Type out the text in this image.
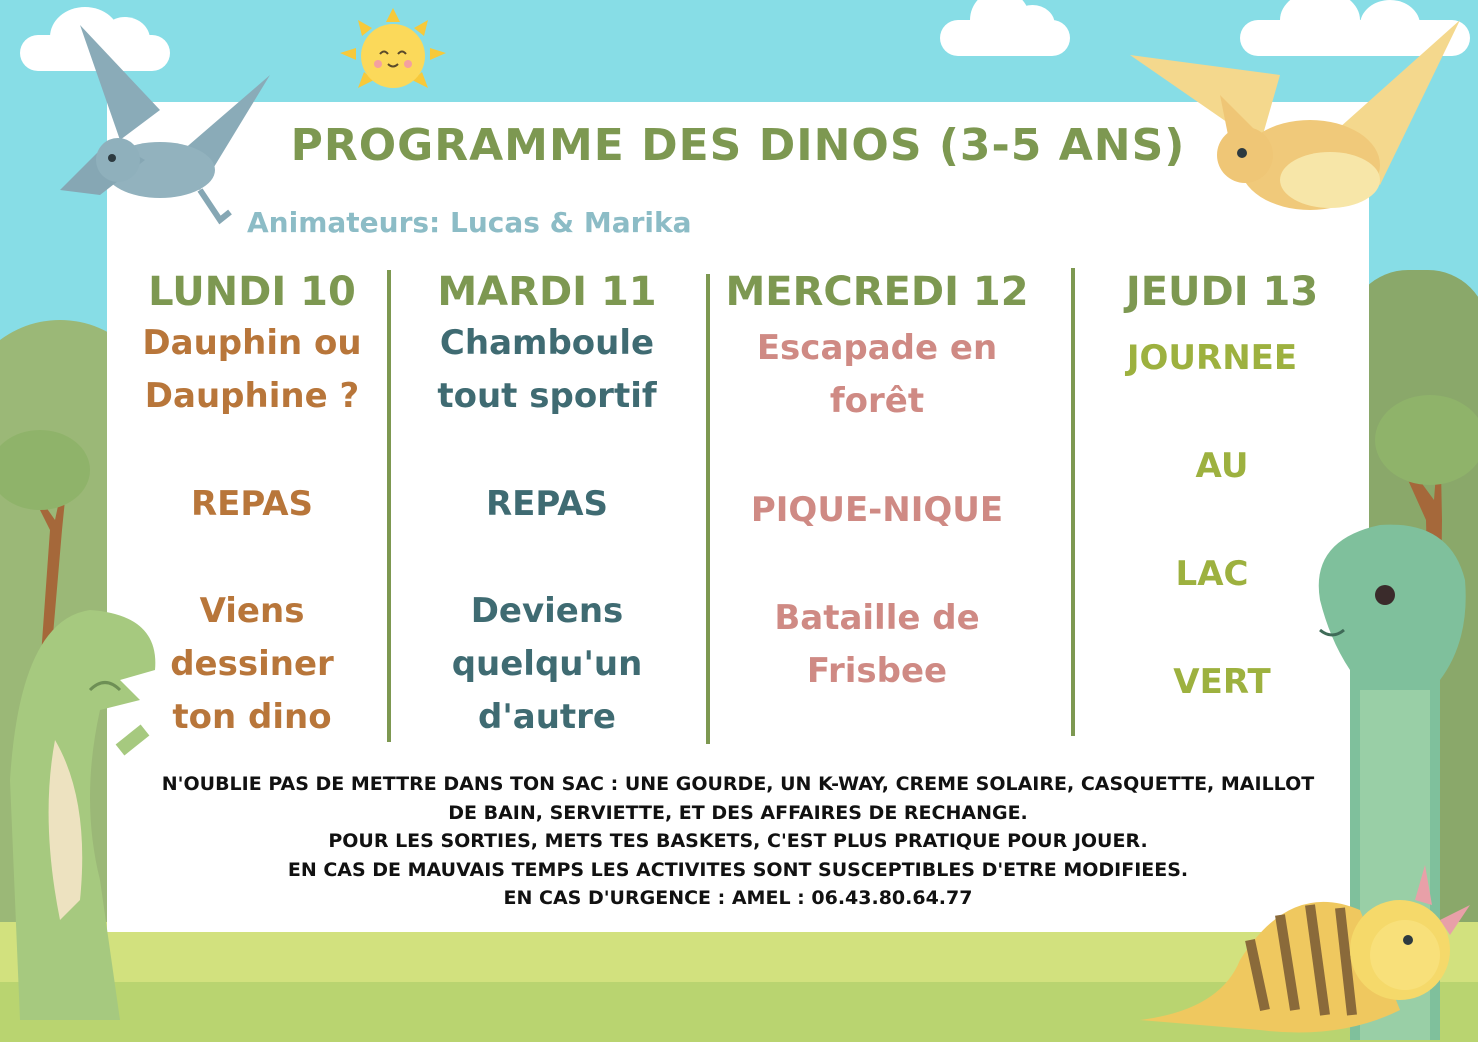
PROGRAMME DES DINOS (3-5 ANS)
Animateurs: Lucas & Marika
LUNDI 10
Dauphin ou
Dauphine ?
REPAS
Viens
dessiner
ton dino
MARDI 11
Chamboule
tout sportif
REPAS
Deviens
quelqu'un
d'autre
MERCREDI 12
Escapade en
forêt
PIQUE-NIQUE
Bataille de
Frisbee
JEUDI 13
JOURNEE
AU
LAC
VERT
N'OUBLIE PAS DE METTRE DANS TON SAC : UNE GOURDE, UN K-WAY, CREME SOLAIRE, CASQUETTE, MAILLOT
DE BAIN, SERVIETTE, ET DES AFFAIRES DE RECHANGE.
POUR LES SORTIES, METS TES BASKETS, C'EST PLUS PRATIQUE POUR JOUER.
EN CAS DE MAUVAIS TEMPS LES ACTIVITES SONT SUSCEPTIBLES D'ETRE MODIFIEES.
EN CAS D'URGENCE : AMEL : 06.43.80.64.77
